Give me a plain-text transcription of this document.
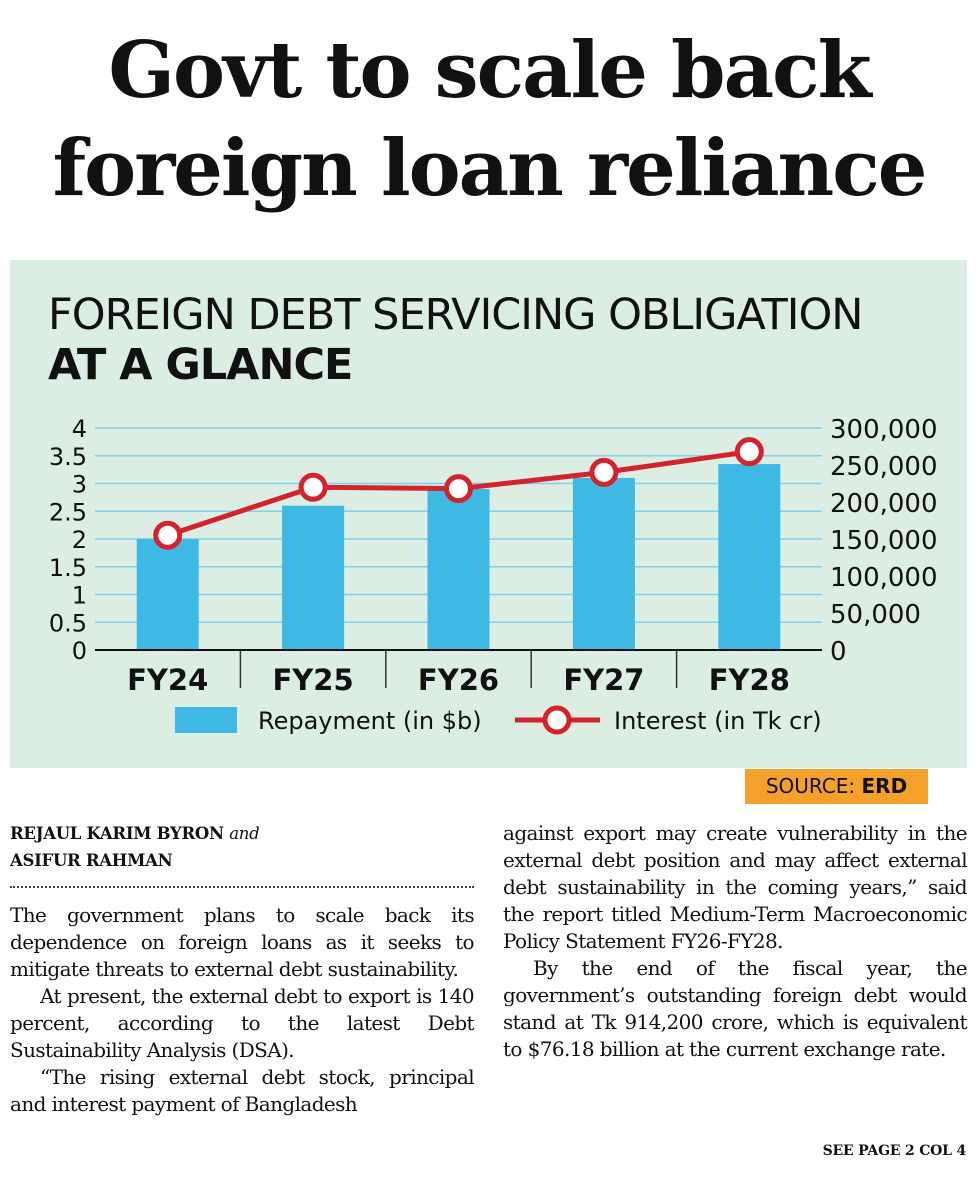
Govt to scale back
foreign loan reliance
FOREIGN DEBT SERVICING OBLIGATION
AT A GLANCE
0
0.5
1
1.5
2
2.5
3
3.5
4
0
50,000
100,000
150,000
200,000
250,000
300,000
FY24 FY25 FY26 FY27 FY28
Repayment (in $b)	Interest (in Tk cr)
SOURCE: ERD
REJAUL KARIM BYRON and
ASIFUR RAHMAN

The government plans to scale back its dependence on foreign loans as it seeks to mitigate threats to external debt sustainability.

At present, the external debt to export is 140 percent, according to the latest Debt Sustainability Analysis (DSA).

“The rising external debt stock, principal and interest payment of Bangladesh

against export may create vulnerability in the external debt position and may affect external debt sustainability in the coming years,” said the report titled Medium-Term Macroeconomic Policy Statement FY26-FY28.

By the end of the fiscal year, the government’s outstanding foreign debt would stand at Tk 914,200 crore, which is equivalent to $76.18 billion at the current exchange rate.

SEE PAGE 2 COL 4
